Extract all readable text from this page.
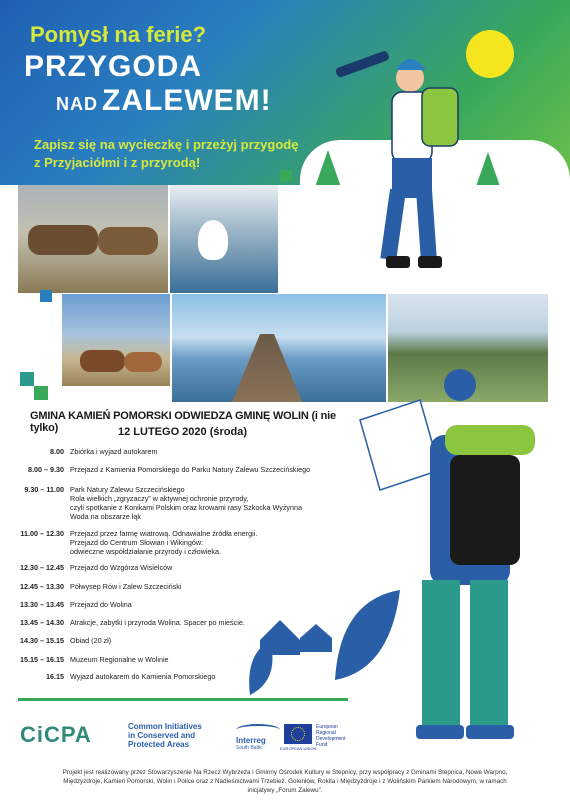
Pomysł na ferie?
PRZYGODA
NAD ZALEWEM!
Zapisz się na wycieczkę i przeżyj przygodę
z Przyjaciółmi i z przyrodą!
GMINA KAMIEŃ POMORSKI ODWIEDZA GMINĘ WOLIN (i nie tylko)	12 LUTEGO 2020 (środa)
8.00 Zbiórka i wyjazd autokarem
8.00 – 9.30 Przejazd z Kamienia Pomorskiego do Parku Natury Zalewu Szczecińskiego
9.30 – 11.00 Park Natury Zalewu Szczecińskiego
Rola wielkich „zgryzaczy” w aktywnej ochronie przyrody,
czyli spotkanie z Konikami Polskim oraz krowami rasy Szkocka Wyżynna
Woda na obszarze łąk
11.00 – 12.30 Przejazd przez farmę wiatrową. Odnawialne źródła energii.
Przejazd do Centrum Słowian i Wikingów:
odwieczne współdziałanie przyrody i człowieka.
12.30 – 12.45 Przejazd do Wzgórza Wisielców
12.45 – 13.30 Półwysep Rów i Zalew Szczeciński
13.30 – 13.45 Przejazd do Wolina
13.45 – 14.30 Atrakcje, zabytki i przyroda Wolina. Spacer po mieście.
14.30 – 15.15 Obiad (20 zł)
15.15 – 16.15 Muzeum Regionalne w Wolinie
16.15 Wyjazd autokarem do Kamienia Pomorskiego
CiCPA	Common Initiatives
in Conserved and
Protected Areas	Interreg
South Baltic	EUROPEAN UNION
European
Regional
Development
Fund
Projekt jest realizowany przez Stowarzyszenie Na Rzecz Wybrzeża i Gminny Ośrodek Kultury w Stepnicy, przy współpracy z Gminami Stepnica, Nowe Warpno,
Międzyzdroje, Kamień Pomorski, Wolin i Police oraz z Nadleśnictwami Trzebież, Goleniów, Rokita i Międzyzdroje i z Wolińskim Parkiem Narodowym, w ramach
inicjatywy „Forum Zalewu”.
